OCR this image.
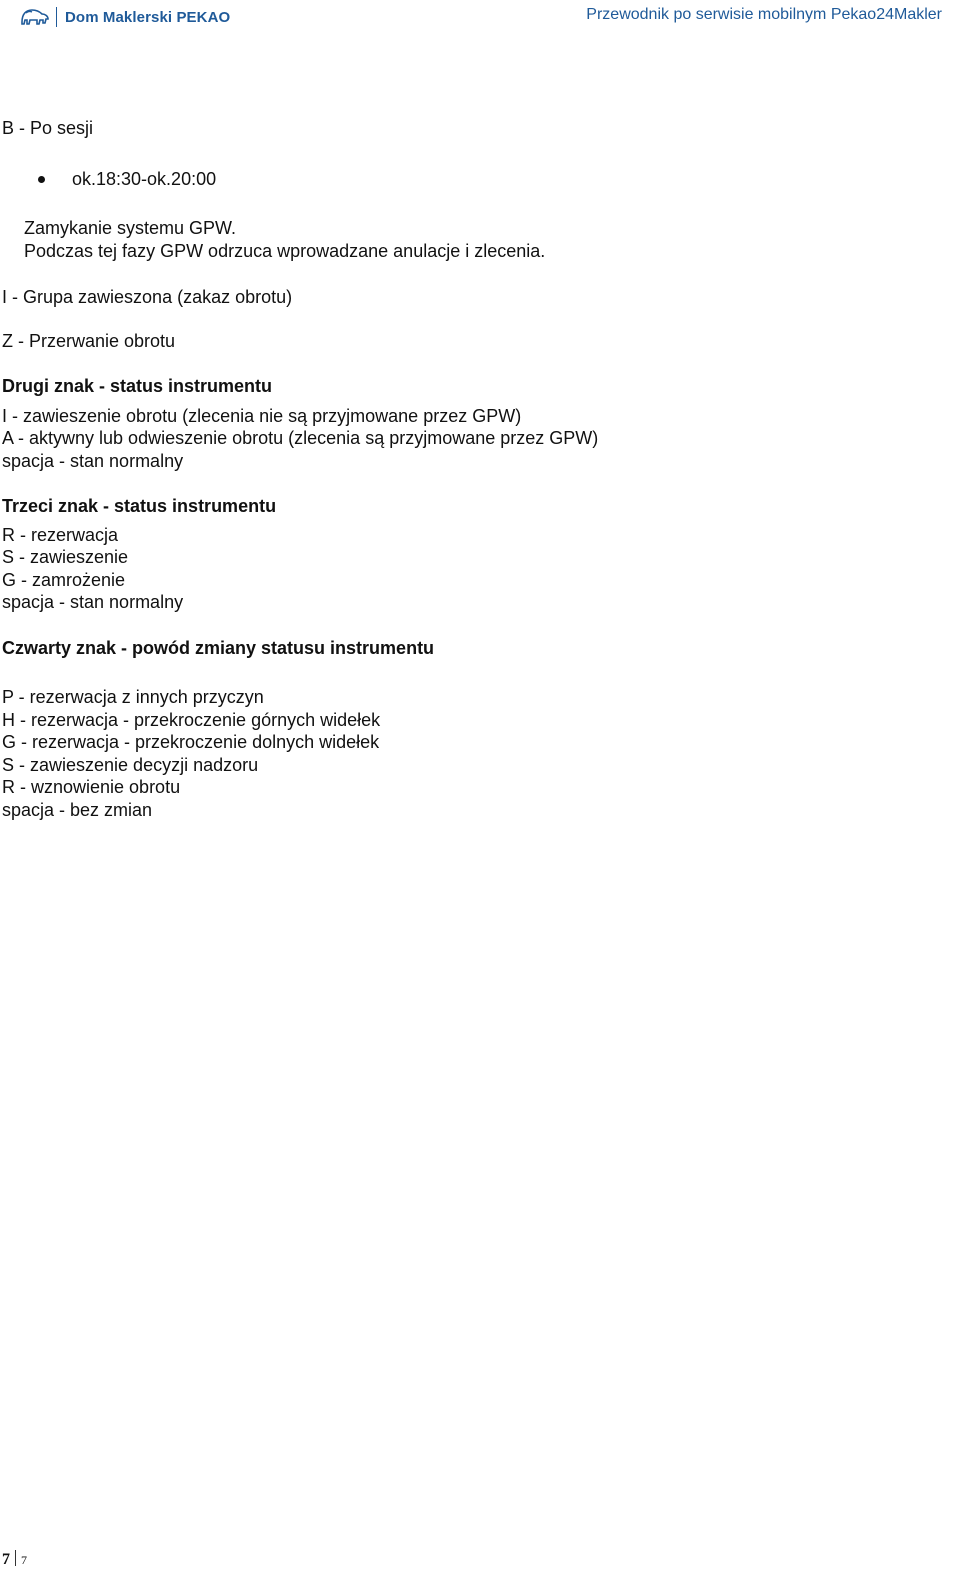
Dom Maklerski PEKAO	Przewodnik po serwisie mobilnym Pekao24Makler
B - Po sesji
ok.18:30-ok.20:00
Zamykanie systemu GPW.
Podczas tej fazy GPW odrzuca wprowadzane anulacje i zlecenia.
I - Grupa zawieszona (zakaz obrotu)
Z - Przerwanie obrotu
Drugi znak - status instrumentu
I - zawieszenie obrotu (zlecenia nie są przyjmowane przez GPW)
A - aktywny lub odwieszenie obrotu (zlecenia są przyjmowane przez GPW)
spacja - stan normalny
Trzeci znak - status instrumentu
R - rezerwacja
S - zawieszenie
G - zamrożenie
spacja - stan normalny
Czwarty znak - powód zmiany statusu instrumentu
P - rezerwacja z innych przyczyn
H - rezerwacja - przekroczenie górnych widełek
G - rezerwacja - przekroczenie dolnych widełek
S - zawieszenie decyzji nadzoru
R - wznowienie obrotu
spacja - bez zmian
7 7
